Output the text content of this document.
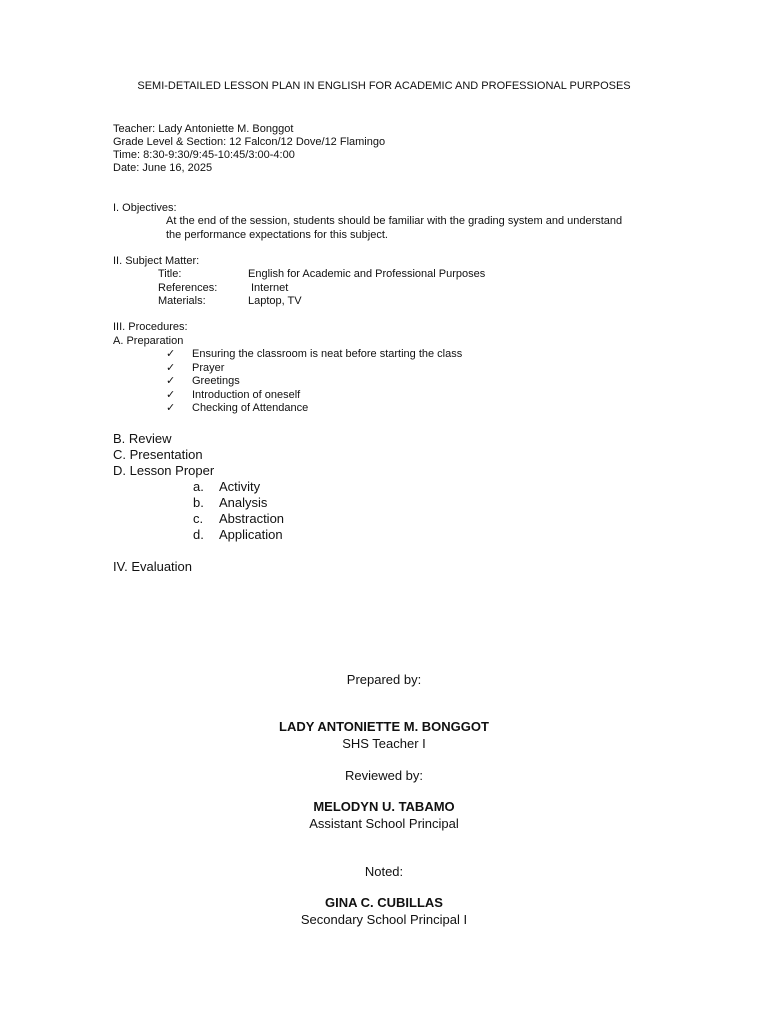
SEMI-DETAILED LESSON PLAN IN ENGLISH FOR ACADEMIC AND PROFESSIONAL PURPOSES
Teacher: Lady Antoniette M. Bonggot
Grade Level & Section: 12 Falcon/12 Dove/12 Flamingo
Time: 8:30-9:30/9:45-10:45/3:00-4:00
Date: June 16, 2025
I. Objectives:
At the end of the session, students should be familiar with the grading system and understand
the performance expectations for this subject.
II. Subject Matter:
Title:	English for Academic and Professional Purposes
References:	Internet
Materials:	Laptop, TV
III. Procedures:
A. Preparation
✓ Ensuring the classroom is neat before starting the class
✓ Prayer
✓ Greetings
✓ Introduction of oneself
✓ Checking of Attendance
B. Review
C. Presentation
D. Lesson Proper
a. Activity
b. Analysis
c. Abstraction
d. Application
IV. Evaluation
Prepared by:
LADY ANTONIETTE M. BONGGOT
SHS Teacher I
Reviewed by:
MELODYN U. TABAMO
Assistant School Principal
Noted:
GINA C. CUBILLAS
Secondary School Principal I
